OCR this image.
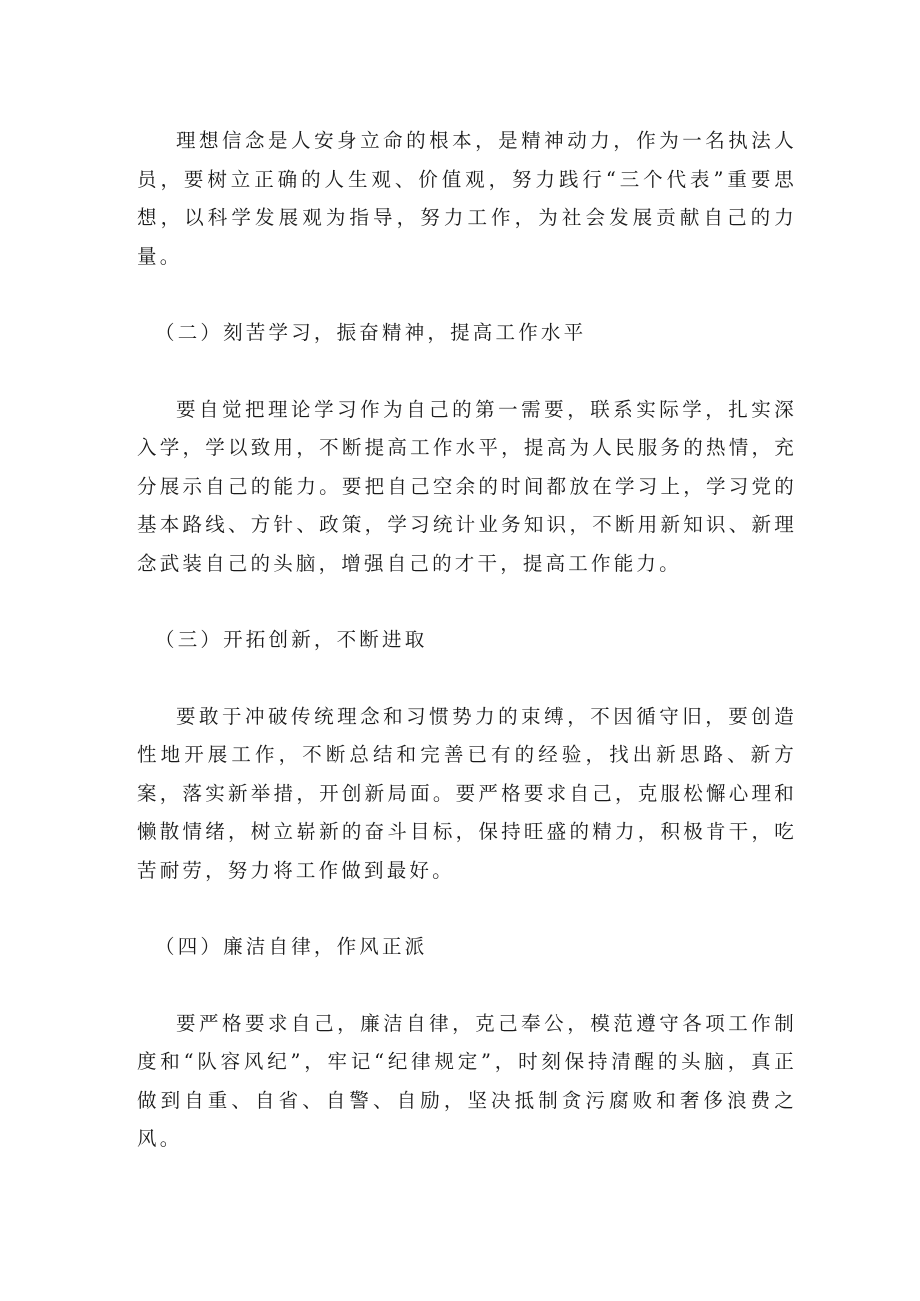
理想信念是人安身立命的根本，是精神动力，作为一名执法人员，要树立正确的人生观、价值观，努力践行“三个代表”重要思想，以科学发展观为指导，努力工作，为社会发展贡献自己的力量。

（二）刻苦学习，振奋精神，提高工作水平

要自觉把理论学习作为自己的第一需要，联系实际学，扎实深入学，学以致用，不断提高工作水平，提高为人民服务的热情，充分展示自己的能力。要把自己空余的时间都放在学习上，学习党的基本路线、方针、政策，学习统计业务知识，不断用新知识、新理念武装自己的头脑，增强自己的才干，提高工作能力。

（三）开拓创新，不断进取

要敢于冲破传统理念和习惯势力的束缚，不因循守旧，要创造性地开展工作，不断总结和完善已有的经验，找出新思路、新方案，落实新举措，开创新局面。要严格要求自己，克服松懈心理和懒散情绪，树立崭新的奋斗目标，保持旺盛的精力，积极肯干，吃苦耐劳，努力将工作做到最好。

（四）廉洁自律，作风正派

要严格要求自己，廉洁自律，克己奉公，模范遵守各项工作制度和“队容风纪”，牢记“纪律规定”，时刻保持清醒的头脑，真正做到自重、自省、自警、自励，坚决抵制贪污腐败和奢侈浪费之风。
